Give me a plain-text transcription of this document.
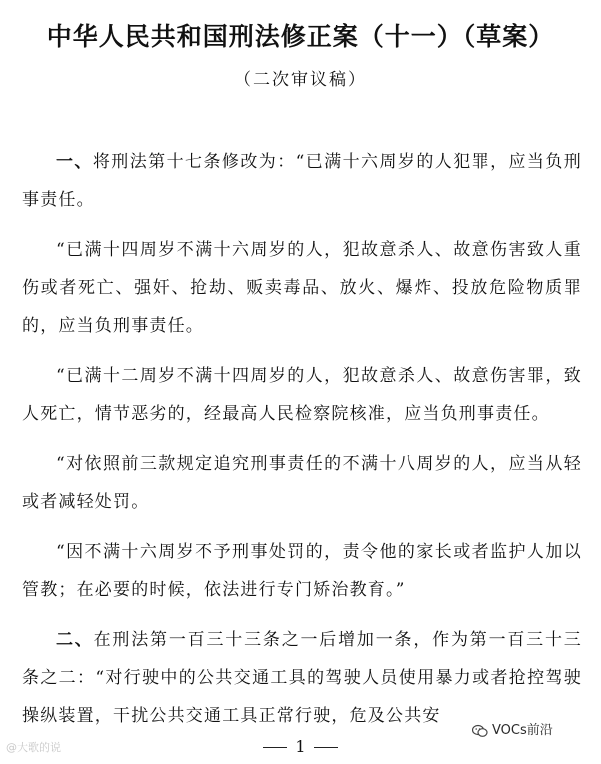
中华人民共和国刑法修正案（十一）（草案）
（二次审议稿）

一、将刑法第十七条修改为：“已满十六周岁的人犯罪，应当负刑事责任。

“已满十四周岁不满十六周岁的人，犯故意杀人、故意伤害致人重伤或者死亡、强奸、抢劫、贩卖毒品、放火、爆炸、投放危险物质罪的，应当负刑事责任。

“已满十二周岁不满十四周岁的人，犯故意杀人、故意伤害罪，致人死亡，情节恶劣的，经最高人民检察院核准，应当负刑事责任。

“对依照前三款规定追究刑事责任的不满十八周岁的人，应当从轻或者减轻处罚。

“因不满十六周岁不予刑事处罚的，责令他的家长或者监护人加以管教；在必要的时候，依法进行专门矫治教育。”

二、在刑法第一百三十三条之一后增加一条，作为第一百三十三条之二：“对行驶中的公共交通工具的驾驶人员使用暴力或者抢控驾驶操纵装置，干扰公共交通工具正常行驶，危及公共安

@大歌的说
VOCs前沿
1
